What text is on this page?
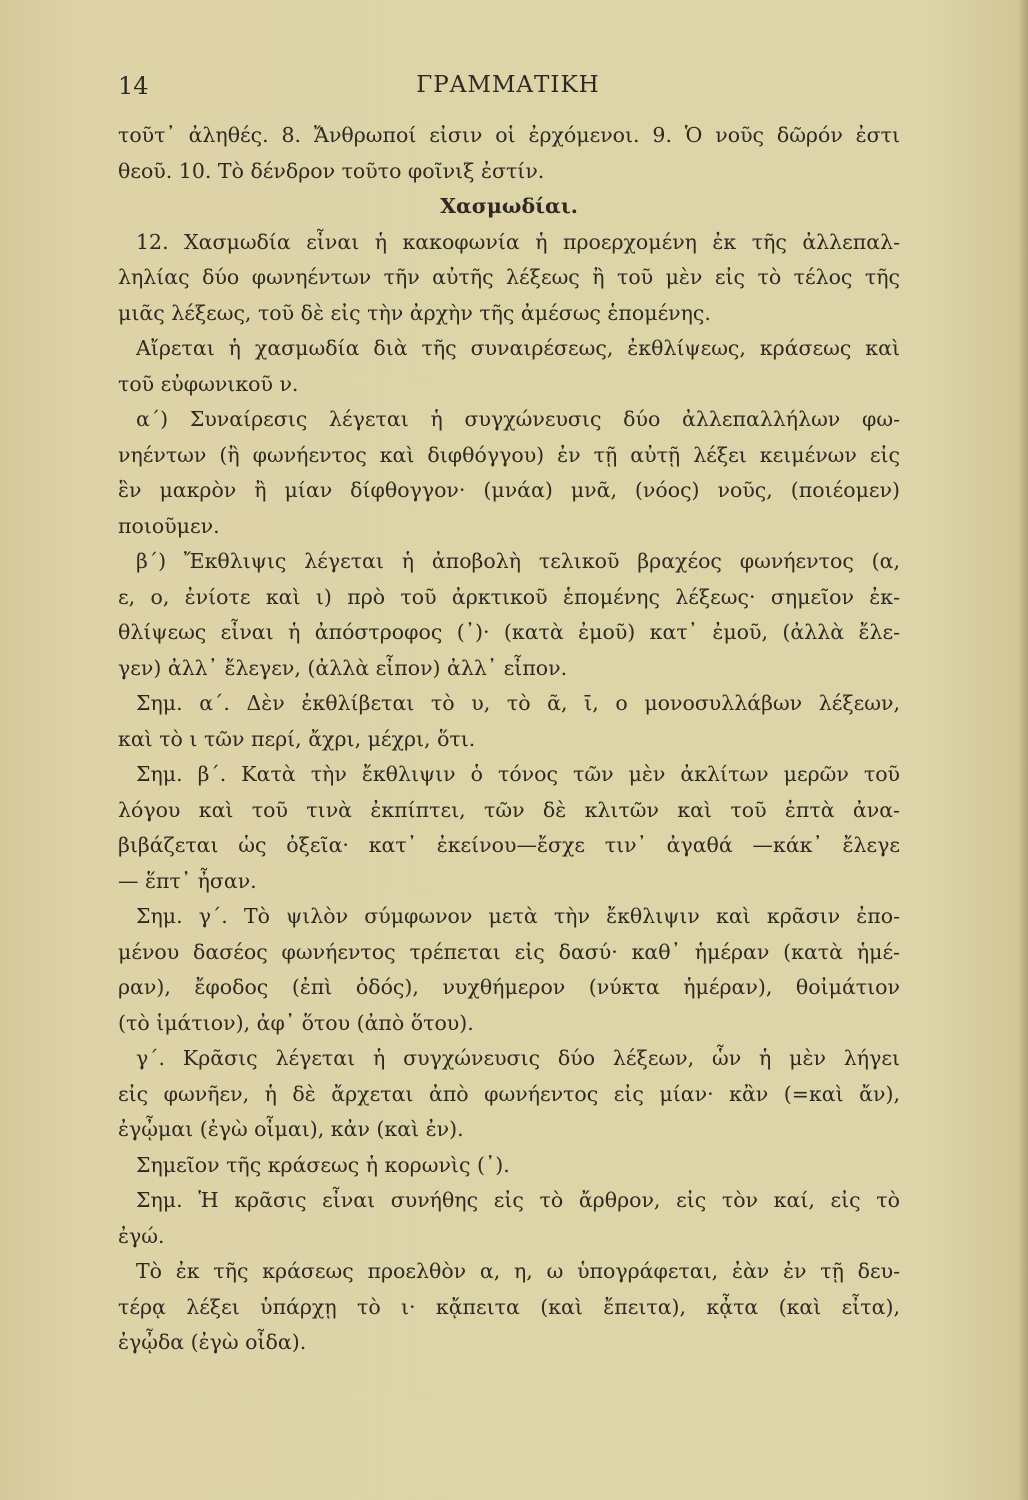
14	ΓΡΑΜΜΑΤΙΚΗ
τοῦτ᾽ ἀληθές. 8. Ἄνθρωποί εἰσιν οἱ ἐρχόμενοι. 9. Ὁ νοῦς δῶρόν ἐστι
θεοῦ. 10. Τὸ δένδρον τοῦτο φοῖνιξ ἐστίν.
Χασμωδίαι.
12. Χασμωδία εἶναι ἡ κακοφωνία ἡ προερχομένη ἐκ τῆς ἀλλεπαλ-
ληλίας δύο φωνηέντων τῆν αὐτῆς λέξεως ἢ τοῦ μὲν εἰς τὸ τέλος τῆς
μιᾶς λέξεως, τοῦ δὲ εἰς τὴν ἀρχὴν τῆς ἀμέσως ἑπομένης.
Αἴρεται ἡ χασμωδία διὰ τῆς συναιρέσεως, ἐκθλίψεως, κράσεως καὶ
τοῦ εὐφωνικοῦ ν.
α΄) Συναίρεσις λέγεται ἡ συγχώνευσις δύο ἀλλεπαλλήλων φω-
νηέντων (ἢ φωνήεντος καὶ διφθόγγου) ἐν τῇ αὐτῇ λέξει κειμένων εἰς
ἓν μακρὸν ἢ μίαν δίφθογγον· (μνάα) μνᾶ, (νόος) νοῦς, (ποιέομεν)
ποιοῦμεν.
β΄) Ἔκθλιψις λέγεται ἡ ἀποβολὴ τελικοῦ βραχέος φωνήεντος (α,
ε, ο, ἐνίοτε καὶ ι) πρὸ τοῦ ἀρκτικοῦ ἑπομένης λέξεως· σημεῖον ἐκ-
θλίψεως εἶναι ἡ ἀπόστροφος (᾽)· (κατὰ ἐμοῦ) κατ᾽ ἐμοῦ, (ἀλλὰ ἔλε-
γεν) ἀλλ᾽ ἔλεγεν, (ἀλλὰ εἶπον) ἀλλ᾽ εἶπον.
Σημ. α΄. Δὲν ἐκθλίβεται τὸ υ, τὸ ᾶ, ῑ, ο μονοσυλλάβων λέξεων,
καὶ τὸ ι τῶν περί, ἄχρι, μέχρι, ὅτι.
Σημ. β΄. Κατὰ τὴν ἔκθλιψιν ὁ τόνος τῶν μὲν ἀκλίτων μερῶν τοῦ
λόγου καὶ τοῦ τινὰ ἐκπίπτει, τῶν δὲ κλιτῶν καὶ τοῦ ἑπτὰ ἀνα-
βιβάζεται ὡς ὀξεῖα· κατ᾽ ἐκείνου—ἔσχε τιν᾽ ἀγαθά —κάκ᾽ ἔλεγε
— ἕπτ᾽ ἦσαν.
Σημ. γ΄. Τὸ ψιλὸν σύμφωνον μετὰ τὴν ἔκθλιψιν καὶ κρᾶσιν ἐπο-
μένου δασέος φωνήεντος τρέπεται εἰς δασύ· καθ᾽ ἡμέραν (κατὰ ἡμέ-
ραν), ἔφοδος (ἐπὶ ὁδός), νυχθήμερον (νύκτα ἡμέραν), θοἰμάτιον
(τὸ ἱμάτιον), ἀφ᾽ ὅτου (ἀπὸ ὅτου).
γ΄. Κρᾶσις λέγεται ἡ συγχώνευσις δύο λέξεων, ὧν ἡ μὲν λήγει
εἰς φωνῆεν, ἡ δὲ ἄρχεται ἀπὸ φωνήεντος εἰς μίαν· κἂν (=καὶ ἄν),
ἐγᾦμαι (ἐγὼ οἶμαι), κἀν (καὶ ἐν).
Σημεῖον τῆς κράσεως ἡ κορωνὶς (᾽).
Σημ. Ἡ κρᾶσις εἶναι συνήθης εἰς τὸ ἄρθρον, εἰς τὸν καί, εἰς τὸ
ἐγώ.
Τὸ ἐκ τῆς κράσεως προελθὸν α, η, ω ὑπογράφεται, ἐὰν ἐν τῇ δευ-
τέρᾳ λέξει ὑπάρχῃ τὸ ι· κᾄπειτα (καὶ ἔπειτα), κᾆτα (καὶ εἶτα),
ἐγᾦδα (ἐγὼ οἶδα).
